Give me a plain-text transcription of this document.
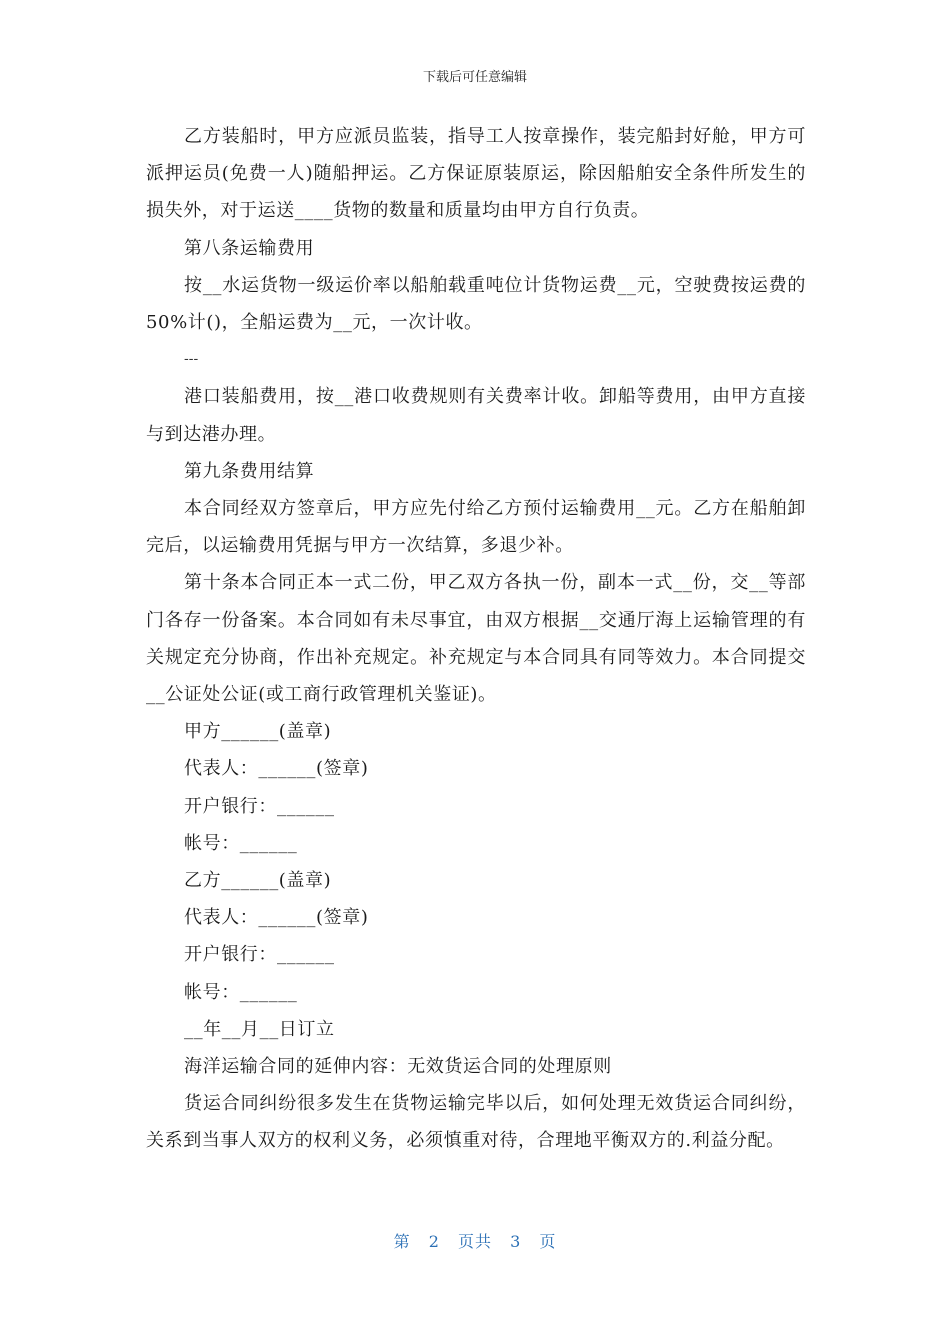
下载后可任意编辑

乙方装船时，甲方应派员监装，指导工人按章操作，装完船封好舱，甲方可派押运员(免费一人)随船押运。乙方保证原装原运，除因船舶安全条件所发生的损失外，对于运送____货物的数量和质量均由甲方自行负责。

第八条运输费用

按__水运货物一级运价率以船舶载重吨位计货物运费__元，空驶费按运费的50%计()，全船运费为__元，一次计收。

---

港口装船费用，按__港口收费规则有关费率计收。卸船等费用，由甲方直接与到达港办理。

第九条费用结算

本合同经双方签章后，甲方应先付给乙方预付运输费用__元。乙方在船舶卸完后，以运输费用凭据与甲方一次结算，多退少补。

第十条本合同正本一式二份，甲乙双方各执一份，副本一式__份，交__等部门各存一份备案。本合同如有未尽事宜，由双方根据__交通厅海上运输管理的有关规定充分协商，作出补充规定。补充规定与本合同具有同等效力。本合同提交__公证处公证(或工商行政管理机关鉴证)。

甲方______(盖章)

代表人：______(签章)

开户银行：______

帐号：______

乙方______(盖章)

代表人：______(签章)

开户银行：______

帐号：______

__年__月__日订立

海洋运输合同的延伸内容：无效货运合同的处理原则

货运合同纠纷很多发生在货物运输完毕以后，如何处理无效货运合同纠纷，关系到当事人双方的权利义务，必须慎重对待，合理地平衡双方的.利益分配。

第 2 页共 3 页
